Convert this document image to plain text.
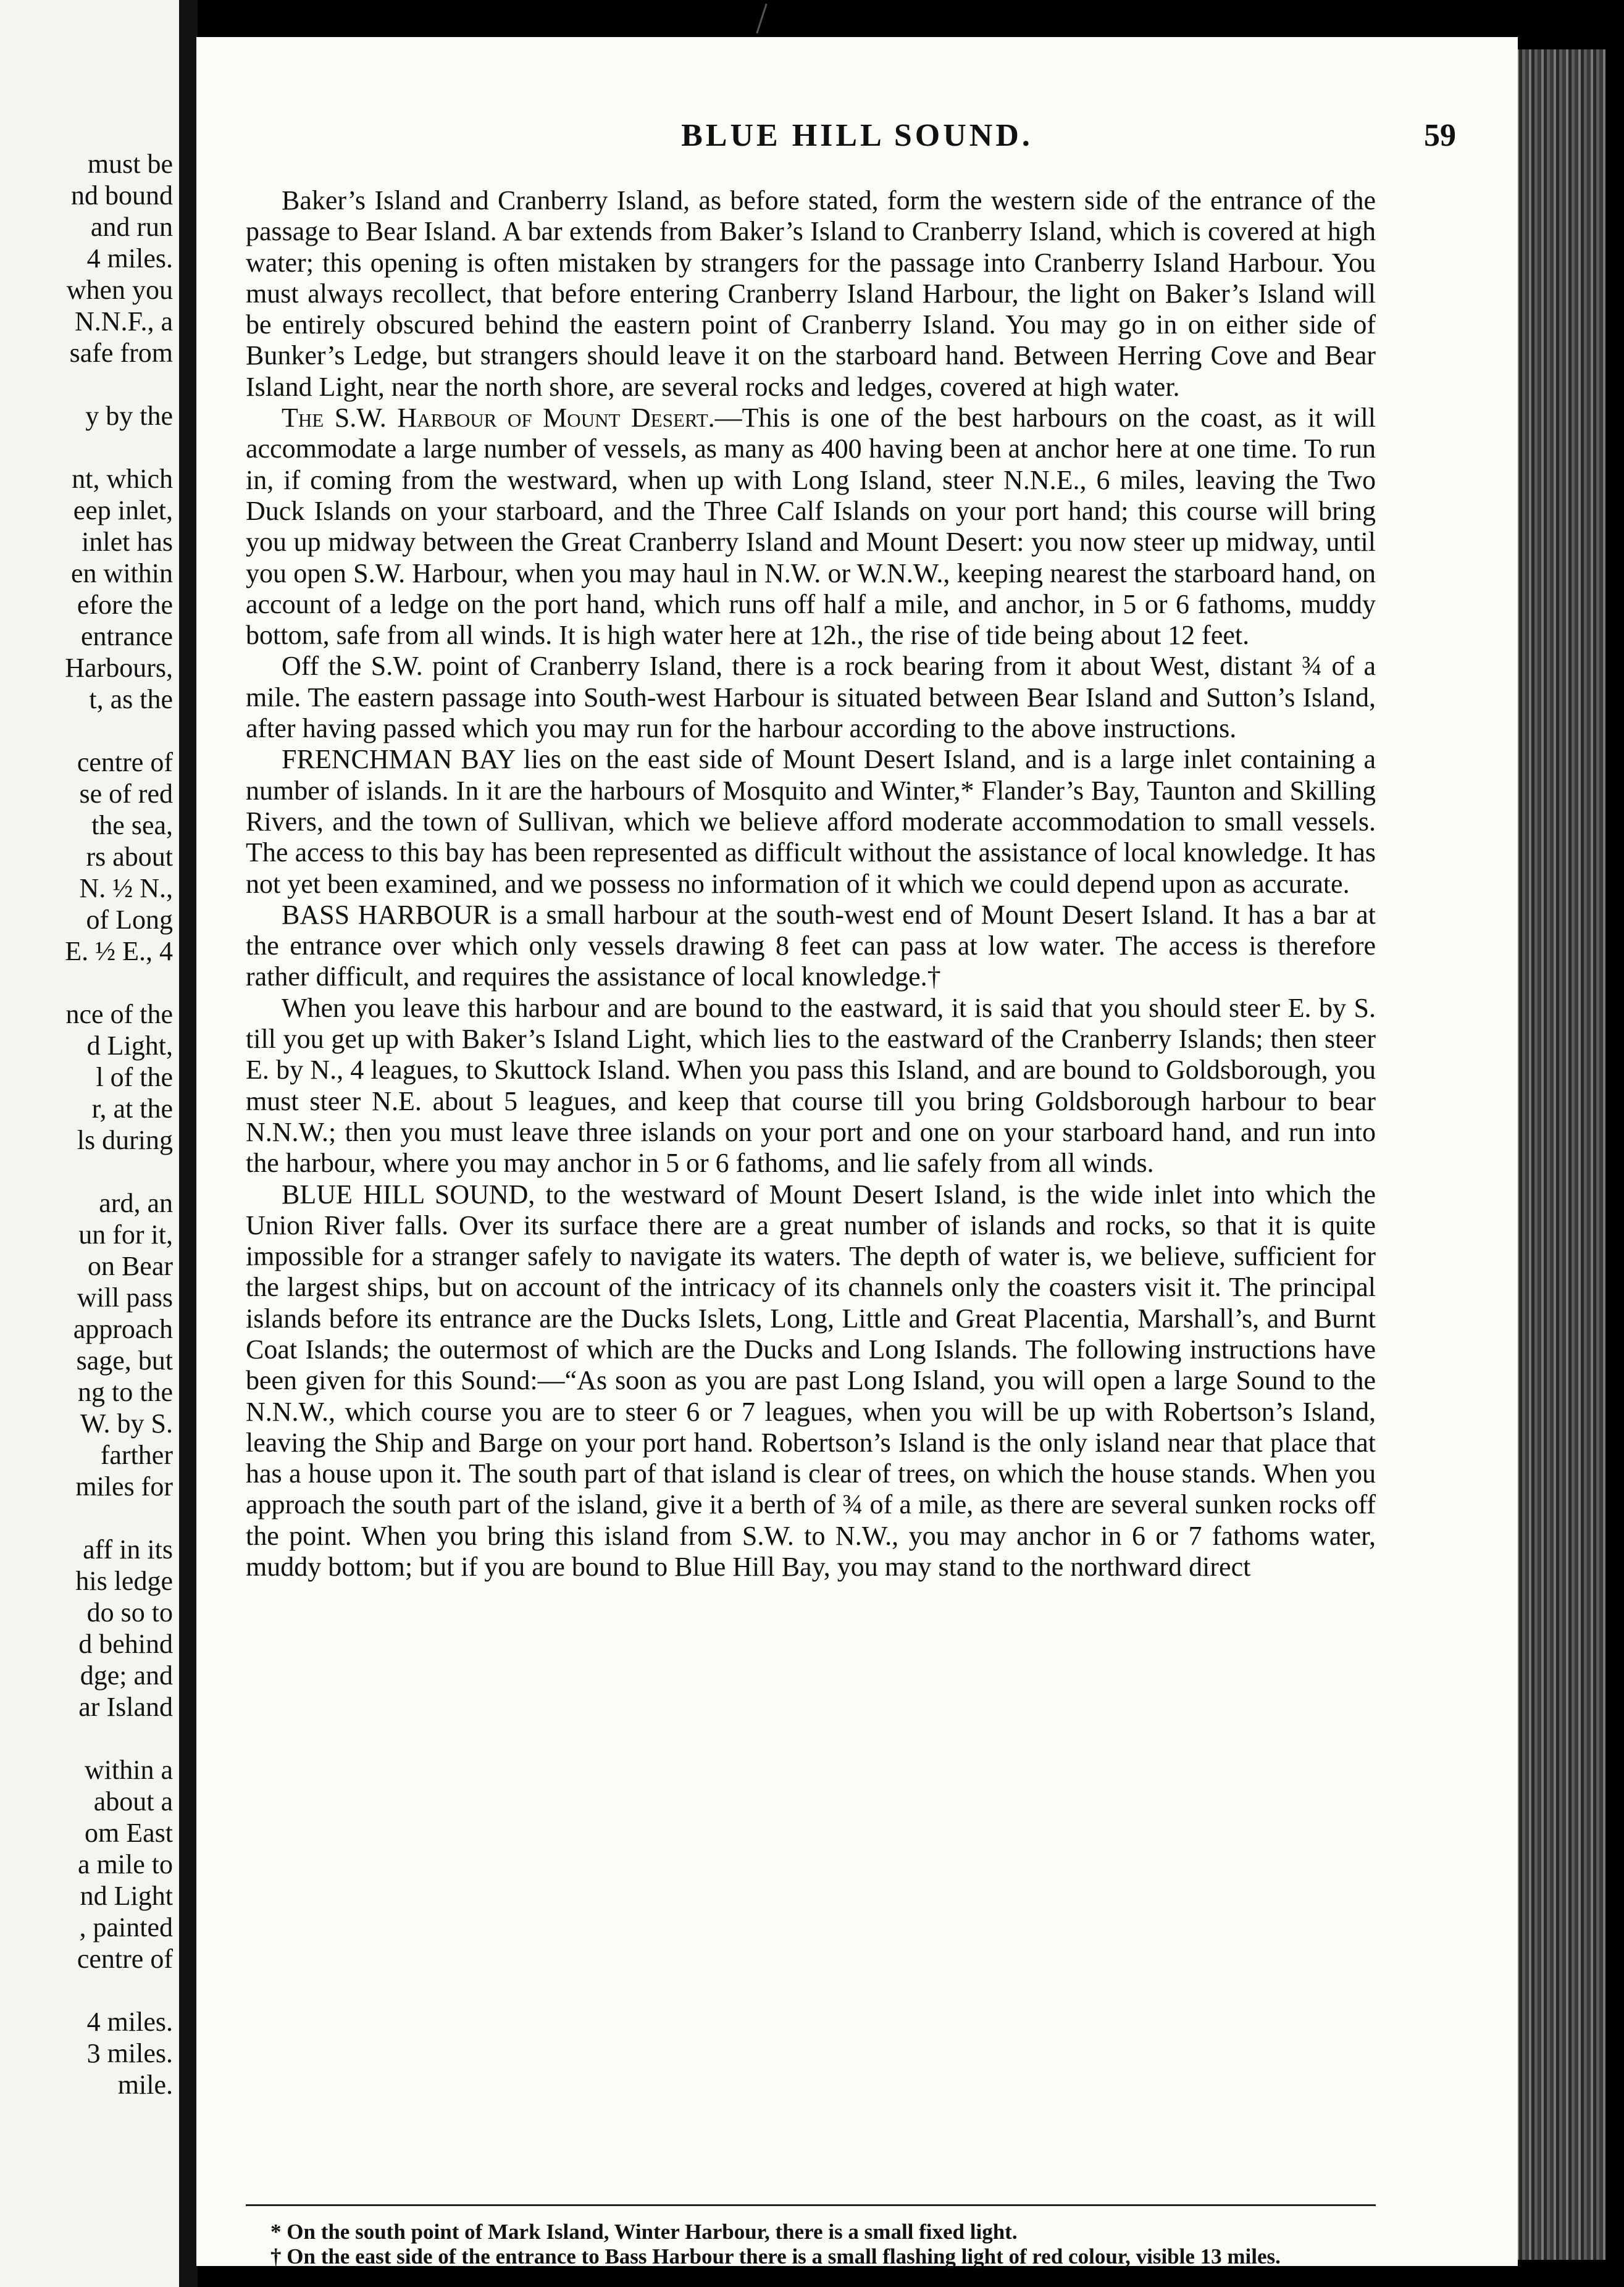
must be
nd bound
and run
4 miles.
when you
N.N.F., a
safe from

y by the

nt, which
eep inlet,
inlet has
en within
efore the
entrance
Harbours,
t, as the

centre of
se of red
the sea,
rs about
N. ½ N.,
of Long
E. ½ E., 4

nce of the
d Light,
l of the
r, at the
ls during

ard, an
un for it,
on Bear
will pass
approach
sage, but
ng to the
W. by S.
farther
miles for

aff in its
his ledge
do so to
d behind
dge; and
ar Island

within a
about a
om East
a mile to
nd Light
, painted
centre of

4 miles.
3 miles.
mile.
BLUE HILL SOUND.	59

Baker’s Island and Cranberry Island, as before stated, form the western side of the entrance of the passage to Bear Island. A bar extends from Baker’s Island to Cranberry Island, which is covered at high water; this opening is often mistaken by strangers for the passage into Cranberry Island Harbour. You must always recollect, that before entering Cranberry Island Harbour, the light on Baker’s Island will be entirely obscured behind the eastern point of Cranberry Island. You may go in on either side of Bunker’s Ledge, but strangers should leave it on the starboard hand. Between Herring Cove and Bear Island Light, near the north shore, are several rocks and ledges, covered at high water.

The S.W. Harbour of Mount Desert.—This is one of the best harbours on the coast, as it will accommodate a large number of vessels, as many as 400 having been at anchor here at one time. To run in, if coming from the westward, when up with Long Island, steer N.N.E., 6 miles, leaving the Two Duck Islands on your starboard, and the Three Calf Islands on your port hand; this course will bring you up midway between the Great Cranberry Island and Mount Desert: you now steer up midway, until you open S.W. Harbour, when you may haul in N.W. or W.N.W., keeping nearest the starboard hand, on account of a ledge on the port hand, which runs off half a mile, and anchor, in 5 or 6 fathoms, muddy bottom, safe from all winds. It is high water here at 12h., the rise of tide being about 12 feet.

Off the S.W. point of Cranberry Island, there is a rock bearing from it about West, distant ¾ of a mile. The eastern passage into South-west Harbour is situated between Bear Island and Sutton’s Island, after having passed which you may run for the harbour according to the above instructions.

FRENCHMAN BAY lies on the east side of Mount Desert Island, and is a large inlet containing a number of islands. In it are the harbours of Mosquito and Winter,* Flander’s Bay, Taunton and Skilling Rivers, and the town of Sullivan, which we believe afford moderate accommodation to small vessels. The access to this bay has been represented as difficult without the assistance of local knowledge. It has not yet been examined, and we possess no information of it which we could depend upon as accurate.

BASS HARBOUR is a small harbour at the south-west end of Mount Desert Island. It has a bar at the entrance over which only vessels drawing 8 feet can pass at low water. The access is therefore rather difficult, and requires the assistance of local knowledge.†

When you leave this harbour and are bound to the eastward, it is said that you should steer E. by S. till you get up with Baker’s Island Light, which lies to the eastward of the Cranberry Islands; then steer E. by N., 4 leagues, to Skuttock Island. When you pass this Island, and are bound to Goldsborough, you must steer N.E. about 5 leagues, and keep that course till you bring Goldsborough harbour to bear N.N.W.; then you must leave three islands on your port and one on your starboard hand, and run into the harbour, where you may anchor in 5 or 6 fathoms, and lie safely from all winds.

BLUE HILL SOUND, to the westward of Mount Desert Island, is the wide inlet into which the Union River falls. Over its surface there are a great number of islands and rocks, so that it is quite impossible for a stranger safely to navigate its waters. The depth of water is, we believe, sufficient for the largest ships, but on account of the intricacy of its channels only the coasters visit it. The principal islands before its entrance are the Ducks Islets, Long, Little and Great Placentia, Marshall’s, and Burnt Coat Islands; the outermost of which are the Ducks and Long Islands. The following instructions have been given for this Sound:—“As soon as you are past Long Island, you will open a large Sound to the N.N.W., which course you are to steer 6 or 7 leagues, when you will be up with Robertson’s Island, leaving the Ship and Barge on your port hand. Robertson’s Island is the only island near that place that has a house upon it. The south part of that island is clear of trees, on which the house stands. When you approach the south part of the island, give it a berth of ¾ of a mile, as there are several sunken rocks off the point. When you bring this island from S.W. to N.W., you may anchor in 6 or 7 fathoms water, muddy bottom; but if you are bound to Blue Hill Bay, you may stand to the northward direct

* On the south point of Mark Island, Winter Harbour, there is a small fixed light.

† On the east side of the entrance to Bass Harbour there is a small flashing light of red colour, visible 13 miles.
